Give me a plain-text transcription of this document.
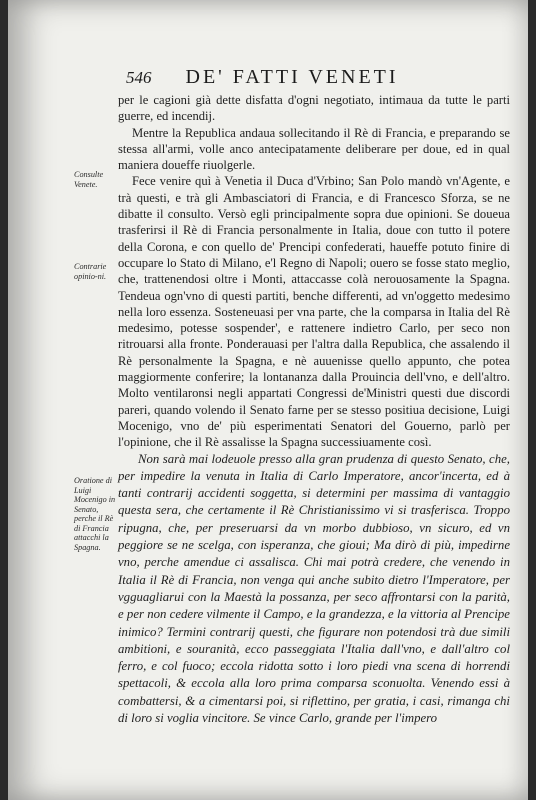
546 DE' FATTI VENETI
Consulte Venete.
Contrarie opinio-ni.
Oratione di Luigi Mocenigo in Senato, perche il Rè di Francia attacchi la Spagna.

per le cagioni già dette disfatta d'ogni negotiato, intimaua da tutte le parti guerre, ed incendij.

Mentre la Republica andaua sollecitando il Rè di Francia, e preparando se stessa all'armi, volle anco antecipatamente deliberare per doue, ed in qual maniera doueffe riuolgerle.

Fece venire quì à Venetia il Duca d'Vrbino; San Polo mandò vn'Agente, e trà questi, e trà gli Ambasciatori di Francia, e di Francesco Sforza, se ne dibatte il consulto. Versò egli principalmente sopra due opinioni. Se doueua trasferirsi il Rè di Francia personalmente in Italia, doue con tutto il potere della Corona, e con quello de' Prencipi confederati, haueffe potuto finire di occupare lo Stato di Milano, e'l Regno di Napoli; ouero se fosse stato meglio, che, trattenendosi oltre i Monti, attaccasse colà nerouosamente la Spagna. Tendeua ogn'vno di questi partiti, benche differenti, ad vn'oggetto medesimo nella loro essenza. Sosteneuasi per vna parte, che la comparsa in Italia del Rè medesimo, potesse sospender', e rattenere indietro Carlo, per seco non ritrouarsi alla fronte. Ponderauasi per l'altra dalla Republica, che assalendo il Rè personalmente la Spagna, e nè auuenisse quello appunto, che potea maggiormente conferire; la lontananza dalla Prouincia dell'vno, e dell'altro. Molto ventilaronsi negli appartati Congressi de'Ministri questi due discordi pareri, quando volendo il Senato farne per se stesso positiua decisione, Luigi Mocenigo, vno de' più esperimentati Senatori del Gouerno, parlò per l'opinione, che il Rè assalisse la Spagna successiuamente così.

Non sarà mai lodeuole presso alla gran prudenza di questo Senato, che, per impedire la venuta in Italia di Carlo Imperatore, ancor'incerta, ed à tanti contrarij accidenti soggetta, si determini per massima di vantaggio questa sera, che certamente il Rè Christianissimo vi si trasferisca. Troppo ripugna, che, per preseruarsi da vn morbo dubbioso, vn sicuro, ed vn peggiore se ne scelga, con isperanza, che gioui; Ma dirò di più, impedirne vno, perche amendue ci assalisca. Chi mai potrà credere, che venendo in Italia il Rè di Francia, non venga qui anche subito dietro l'Imperatore, per vgguagliarui con la Maestà la possanza, per seco affrontarsi con la parità, e per non cedere vilmente il Campo, e la grandezza, e la vittoria al Prencipe inimico? Termini contrarij questi, che figurare non potendosi trà due simili ambitioni, e souranità, ecco passeggiata l'Italia dall'vno, e dall'altro col ferro, e col fuoco; eccola ridotta sotto i loro piedi vna scena di horrendi spettacoli, & eccola alla loro prima comparsa sconuolta. Venendo essi à combattersi, & a cimentarsi poi, si riflettino, per gratia, i casi, rimanga chi di loro si voglia vincitore. Se vince Carlo, grande per l'impero
